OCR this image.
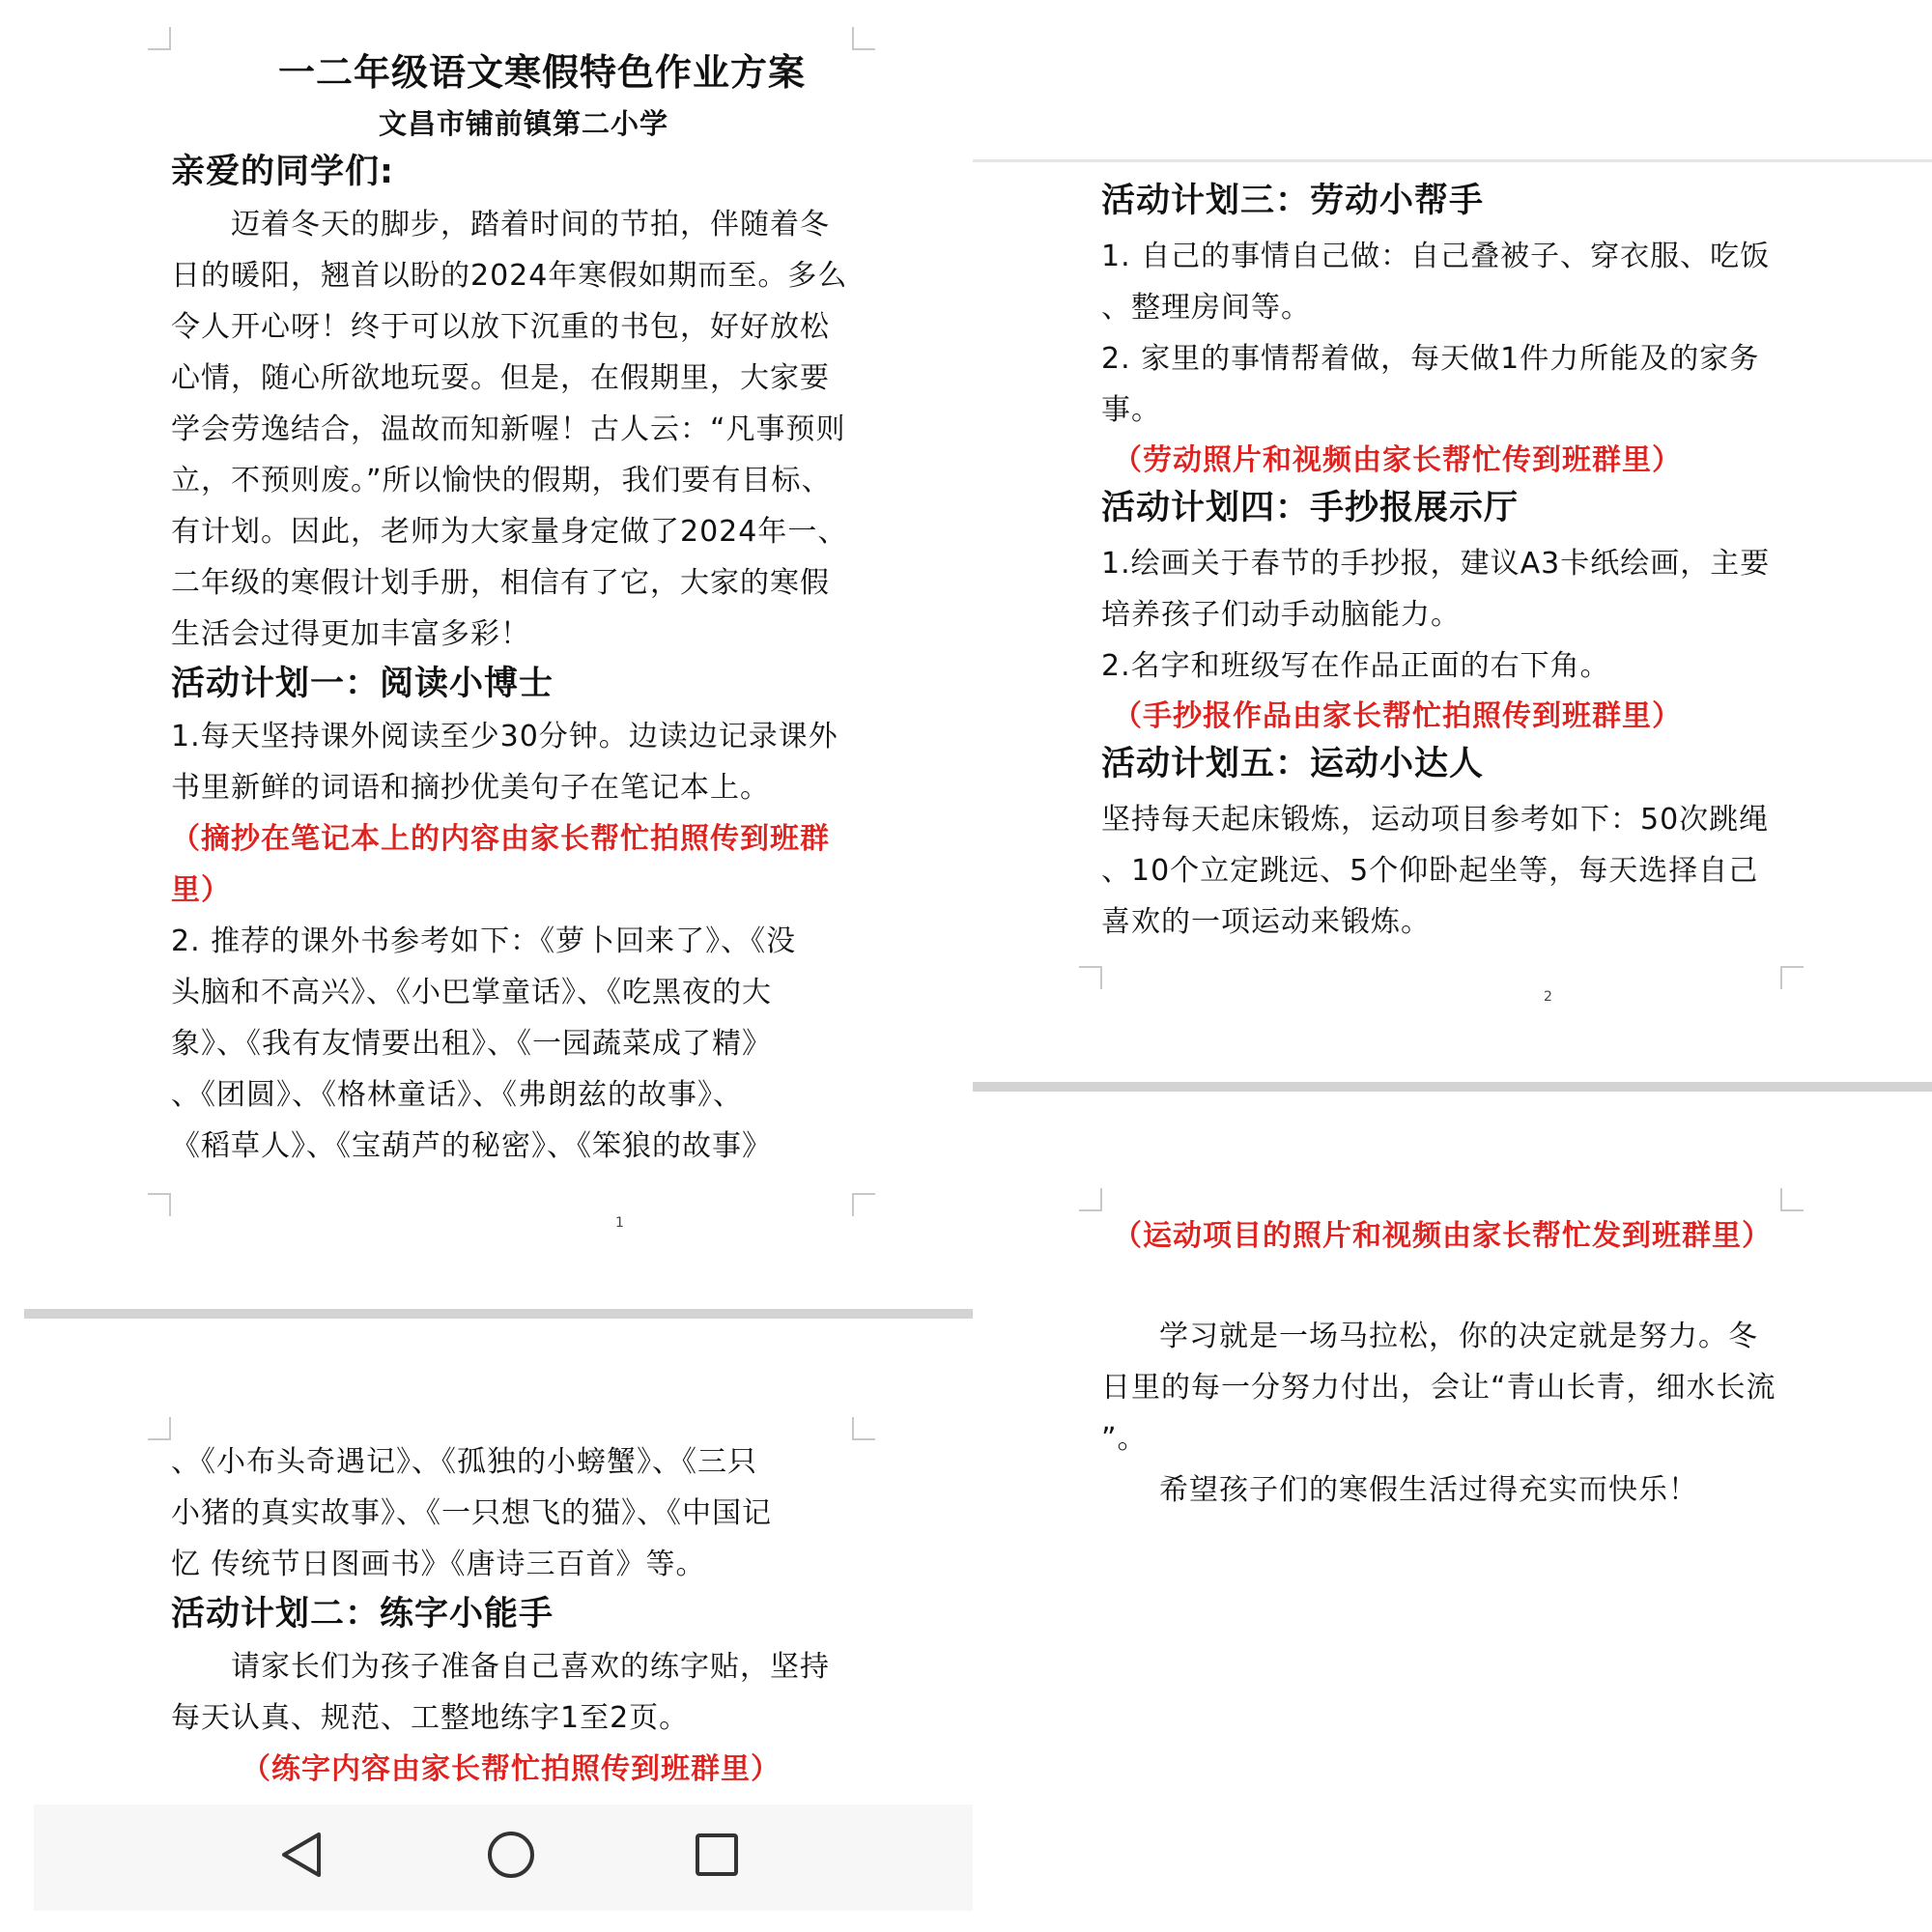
一二年级语文寒假特色作业方案
文昌市铺前镇第二小学
亲爱的同学们:
迈着冬天的脚步，踏着时间的节拍，伴随着冬
日的暖阳，翘首以盼的2024年寒假如期而至。多么
令人开心呀！终于可以放下沉重的书包，好好放松
心情，随心所欲地玩耍。但是，在假期里，大家要
学会劳逸结合，温故而知新喔！古人云：“凡事预则
立，不预则废。”所以愉快的假期，我们要有目标、
有计划。因此，老师为大家量身定做了2024年一、
二年级的寒假计划手册，相信有了它，大家的寒假
生活会过得更加丰富多彩！
活动计划一：阅读小博士
1.每天坚持课外阅读至少30分钟。边读边记录课外
书里新鲜的词语和摘抄优美句子在笔记本上。
（摘抄在笔记本上的内容由家长帮忙拍照传到班群
里）
2. 推荐的课外书参考如下：《萝卜回来了》、《没
头脑和不高兴》、《小巴掌童话》、《吃黑夜的大
象》、《我有友情要出租》、《一园蔬菜成了精》
、《团圆》、《格林童话》、《弗朗兹的故事》、
《稻草人》、《宝葫芦的秘密》、《笨狼的故事》
1
、《小布头奇遇记》、《孤独的小螃蟹》、《三只
小猪的真实故事》、《一只想飞的猫》、《中国记
忆 传统节日图画书》《唐诗三百首》等。
活动计划二：练字小能手
请家长们为孩子准备自己喜欢的练字贴，坚持
每天认真、规范、工整地练字1至2页。
（练字内容由家长帮忙拍照传到班群里）
活动计划三：劳动小帮手
1. 自己的事情自己做：自己叠被子、穿衣服、吃饭
、整理房间等。
2. 家里的事情帮着做，每天做1件力所能及的家务
事。
（劳动照片和视频由家长帮忙传到班群里）
活动计划四：手抄报展示厅
1.绘画关于春节的手抄报，建议A3卡纸绘画，主要
培养孩子们动手动脑能力。
2.名字和班级写在作品正面的右下角。
（手抄报作品由家长帮忙拍照传到班群里）
活动计划五：运动小达人
坚持每天起床锻炼，运动项目参考如下：50次跳绳
、10个立定跳远、5个仰卧起坐等，每天选择自己
喜欢的一项运动来锻炼。
2
（运动项目的照片和视频由家长帮忙发到班群里）
学习就是一场马拉松，你的决定就是努力。冬
日里的每一分努力付出，会让“青山长青，细水长流
”。
希望孩子们的寒假生活过得充实而快乐！
